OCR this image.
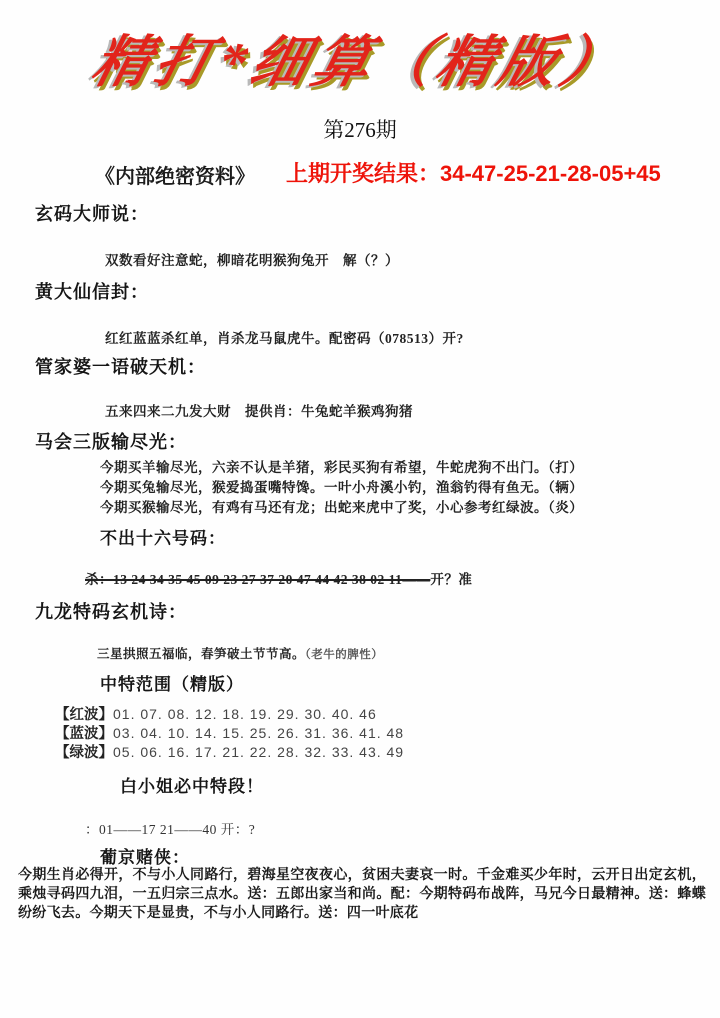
精打*细算（精版）
第276期
《内部绝密资料》 上期开奖结果：34-47-25-21-28-05+45
玄码大师说：
双数看好注意蛇，柳暗花明猴狗兔开　解（？）
黄大仙信封：
红红蓝蓝杀红单，肖杀龙马鼠虎牛。配密码（078513）开?
管家婆一语破天机：
五来四来二九发大财　提供肖：牛兔蛇羊猴鸡狗猪
马会三版输尽光：
今期买羊输尽光，六亲不认是羊猪，彩民买狗有希望，牛蛇虎狗不出门。（打）
今期买兔输尽光，猴爱捣蛋嘴特馋。一叶小舟溪小钓，渔翁钓得有鱼无。（辆）
今期买猴输尽光，有鸡有马还有龙；出蛇来虎中了奖，小心参考红绿波。（炎）
不出十六号码：
杀：13 24 34 35 45 09 23 27 37 20 47 44 42 38 02 11——开？准
九龙特码玄机诗：
三星拱照五福临，春笋破土节节高。（老牛的脾性）
中特范围（精版）
【红波】01. 07. 08. 12. 18. 19. 29. 30. 40. 46
【蓝波】03. 04. 10. 14. 15. 25. 26. 31. 36. 41. 48
【绿波】05. 06. 16. 17. 21. 22. 28. 32. 33. 43. 49
白小姐必中特段！
：01——17 21——40 开：?
葡京赌侠：
今期生肖必得开，不与小人同路行，碧海星空夜夜心，贫困夫妻哀一时。千金难买少年时，云开日出定玄机，乘烛寻码四九泪，一五归宗三点水。送：五郎出家当和尚。配：今期特码布战阵，马兄今日最精神。送：蜂蝶纷纷飞去。今期天下是显贵，不与小人同路行。送：四一叶底花
